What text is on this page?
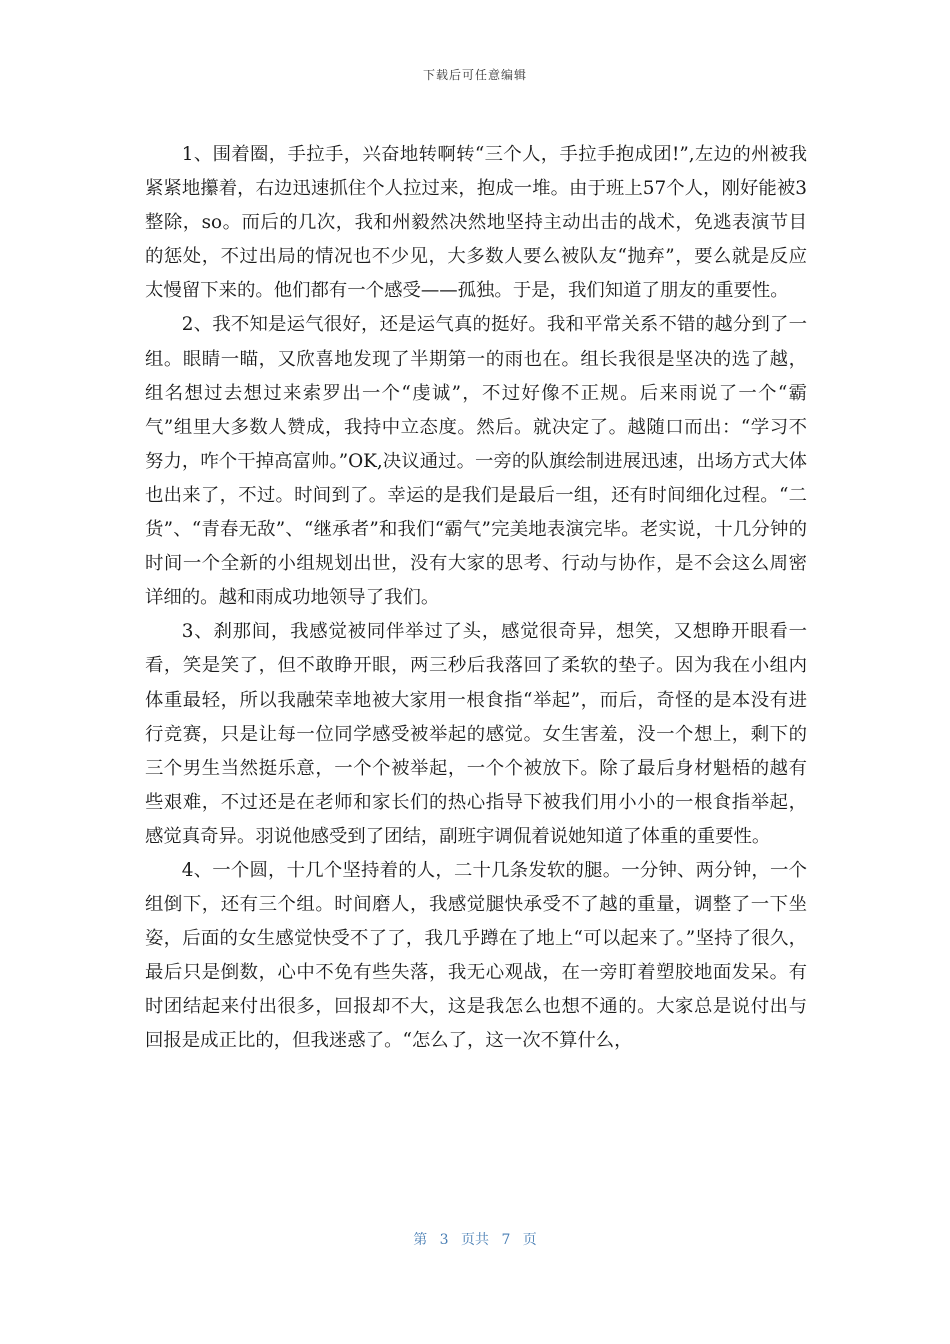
下载后可任意编辑

1、围着圈，手拉手，兴奋地转啊转“三个人，手拉手抱成团!”,左边的州被我紧紧地攥着，右边迅速抓住个人拉过来，抱成一堆。由于班上57个人，刚好能被3整除，so。而后的几次，我和州毅然决然地坚持主动出击的战术，免逃表演节目的惩处，不过出局的情况也不少见，大多数人要么被队友“抛弃”，要么就是反应太慢留下来的。他们都有一个感受——孤独。于是，我们知道了朋友的重要性。

2、我不知是运气很好，还是运气真的挺好。我和平常关系不错的越分到了一组。眼睛一瞄，又欣喜地发现了半期第一的雨也在。组长我很是坚决的选了越，组名想过去想过来索罗出一个“虔诚”，不过好像不正规。后来雨说了一个“霸气”组里大多数人赞成，我持中立态度。然后。就决定了。越随口而出：“学习不努力，咋个干掉高富帅。”OK,决议通过。一旁的队旗绘制进展迅速，出场方式大体也出来了，不过。时间到了。幸运的是我们是最后一组，还有时间细化过程。“二货”、“青春无敌”、“继承者”和我们“霸气”完美地表演完毕。老实说，十几分钟的时间一个全新的小组规划出世，没有大家的思考、行动与协作，是不会这么周密详细的。越和雨成功地领导了我们。

3、刹那间，我感觉被同伴举过了头，感觉很奇异，想笑，又想睁开眼看一看，笑是笑了，但不敢睁开眼，两三秒后我落回了柔软的垫子。因为我在小组内体重最轻，所以我融荣幸地被大家用一根食指“举起”，而后，奇怪的是本没有进行竞赛，只是让每一位同学感受被举起的感觉。女生害羞，没一个想上，剩下的三个男生当然挺乐意，一个个被举起，一个个被放下。除了最后身材魁梧的越有些艰难，不过还是在老师和家长们的热心指导下被我们用小小的一根食指举起，感觉真奇异。羽说他感受到了团结，副班宇调侃着说她知道了体重的重要性。

4、一个圆，十几个坚持着的人，二十几条发软的腿。一分钟、两分钟，一个组倒下，还有三个组。时间磨人，我感觉腿快承受不了越的重量，调整了一下坐姿，后面的女生感觉快受不了了，我几乎蹲在了地上“可以起来了。”坚持了很久，最后只是倒数，心中不免有些失落，我无心观战，在一旁盯着塑胶地面发呆。有时团结起来付出很多，回报却不大，这是我怎么也想不通的。大家总是说付出与回报是成正比的，但我迷惑了。“怎么了，这一次不算什么，

第 3 页共 7 页
